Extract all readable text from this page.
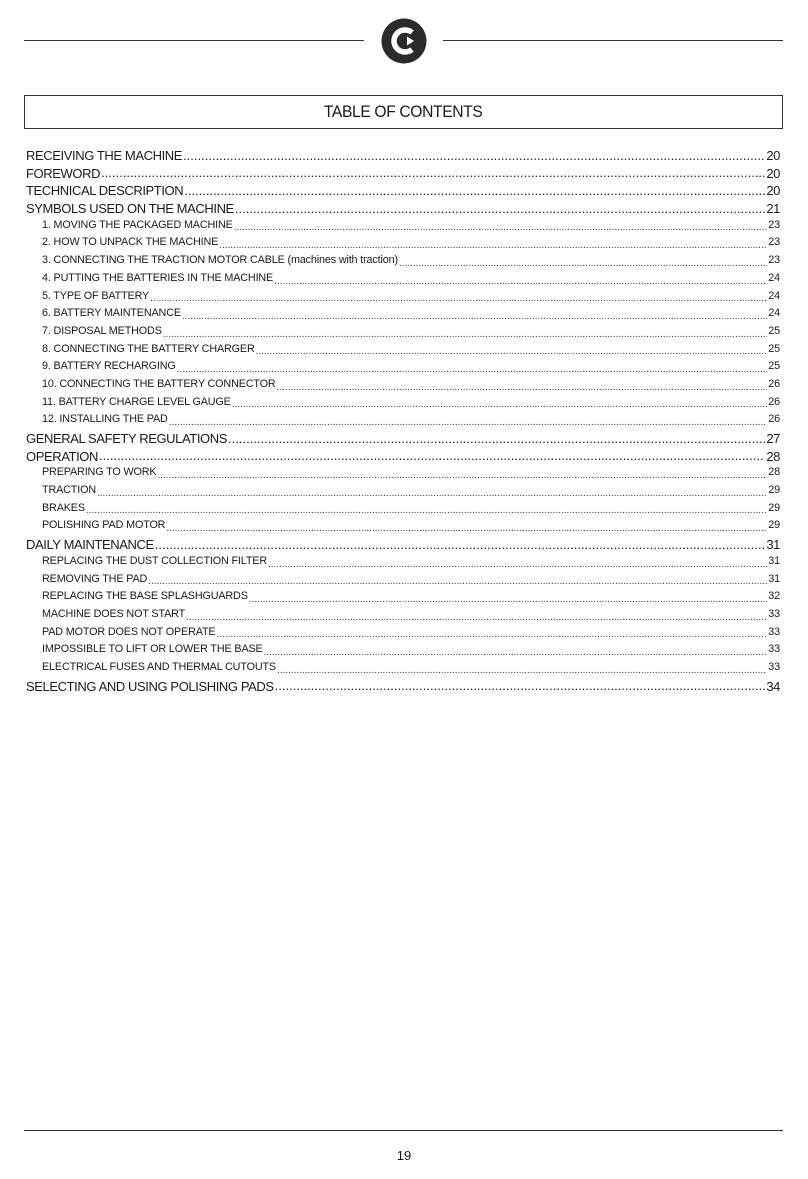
TABLE OF CONTENTS
RECEIVING THE MACHINE .....	20
FOREWORD .....	20
TECHNICAL DESCRIPTION .....	20
SYMBOLS USED ON THE MACHINE .....	21
1. MOVING THE PACKAGED MACHINE .....	23
2. HOW TO UNPACK THE MACHINE .....	23
3. CONNECTING THE TRACTION MOTOR CABLE (machines with traction) .....	23
4. PUTTING THE BATTERIES IN THE MACHINE .....	24
5. TYPE OF BATTERY .....	24
6. BATTERY MAINTENANCE .....	24
7. DISPOSAL METHODS .....	25
8. CONNECTING THE BATTERY CHARGER .....	25
9. BATTERY RECHARGING .....	25
10. CONNECTING THE BATTERY CONNECTOR .....	26
11. BATTERY CHARGE LEVEL GAUGE .....	26
12. INSTALLING THE PAD .....	26
GENERAL SAFETY REGULATIONS .....	27
OPERATION .....	28
PREPARING TO WORK .....	28
TRACTION .....	29
BRAKES .....	29
POLISHING PAD MOTOR .....	29
DAILY MAINTENANCE .....	31
REPLACING THE DUST COLLECTION FILTER .....	31
REMOVING THE PAD .....	31
REPLACING THE BASE SPLASHGUARDS .....	32
MACHINE DOES NOT START .....	33
PAD MOTOR DOES NOT OPERATE .....	33
IMPOSSIBLE TO LIFT OR LOWER THE BASE .....	33
ELECTRICAL FUSES AND THERMAL CUTOUTS .....	33
SELECTING AND USING POLISHING PADS .....	34
19
